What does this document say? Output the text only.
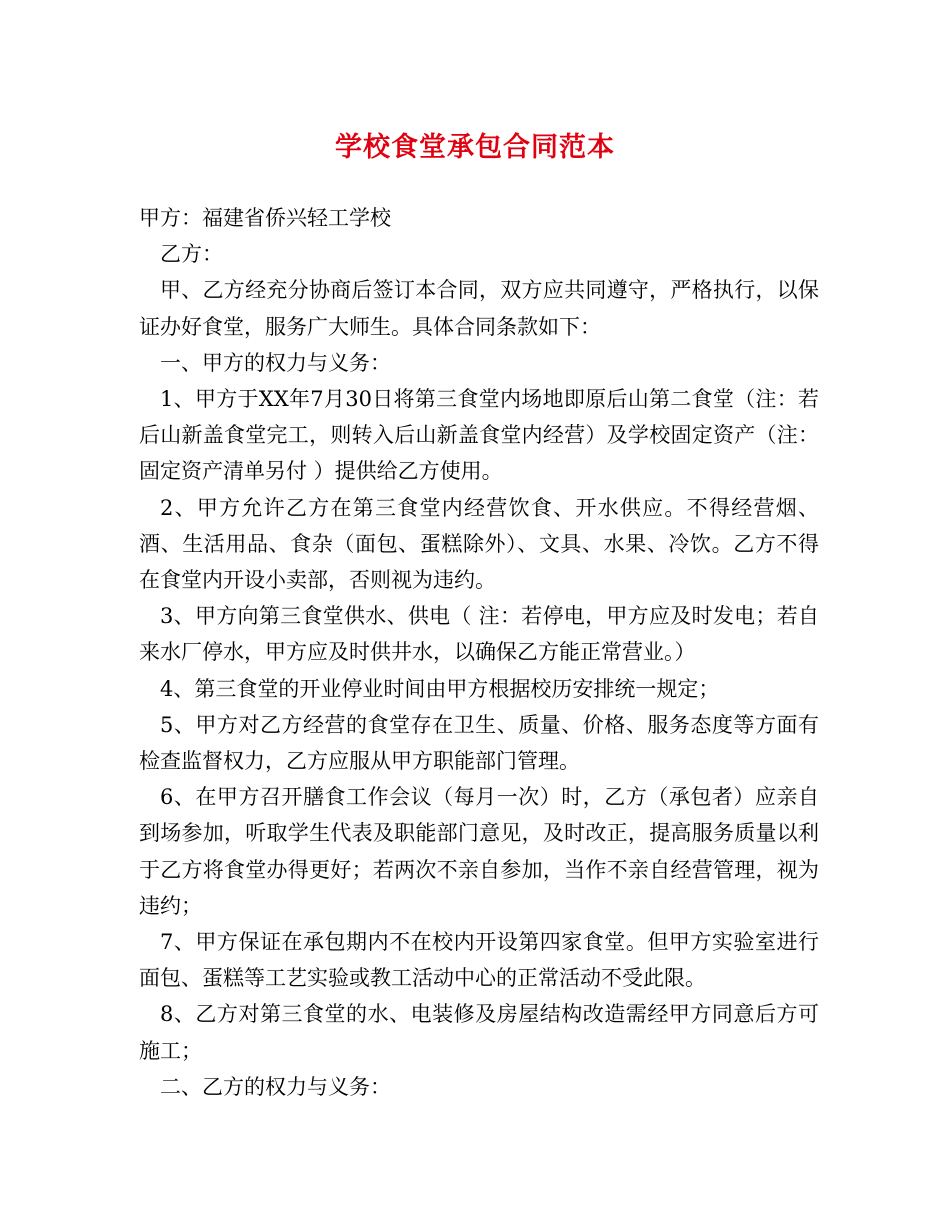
学校食堂承包合同范本

甲方：福建省侨兴轻工学校

乙方：

甲、乙方经充分协商后签订本合同，双方应共同遵守，严格执行，以保证办好食堂，服务广大师生。具体合同条款如下：

一、甲方的权力与义务：

1、甲方于XX年7月30日将第三食堂内场地即原后山第二食堂（注：若后山新盖食堂完工，则转入后山新盖食堂内经营）及学校固定资产（注：固定资产清单另付 ）提供给乙方使用。

2、甲方允许乙方在第三食堂内经营饮食、开水供应。不得经营烟、酒、生活用品、食杂（面包、蛋糕除外）、文具、水果、冷饮。乙方不得在食堂内开设小卖部，否则视为违约。

3、甲方向第三食堂供水、供电（ 注：若停电，甲方应及时发电；若自来水厂停水，甲方应及时供井水，以确保乙方能正常营业。）

4、第三食堂的开业停业时间由甲方根据校历安排统一规定；

5、甲方对乙方经营的食堂存在卫生、质量、价格、服务态度等方面有检查监督权力，乙方应服从甲方职能部门管理。

6、在甲方召开膳食工作会议（每月一次）时，乙方（承包者）应亲自到场参加，听取学生代表及职能部门意见，及时改正，提高服务质量以利于乙方将食堂办得更好；若两次不亲自参加，当作不亲自经营管理，视为违约；

7、甲方保证在承包期内不在校内开设第四家食堂。但甲方实验室进行面包、蛋糕等工艺实验或教工活动中心的正常活动不受此限。

8、乙方对第三食堂的水、电装修及房屋结构改造需经甲方同意后方可施工；

二、乙方的权力与义务：
